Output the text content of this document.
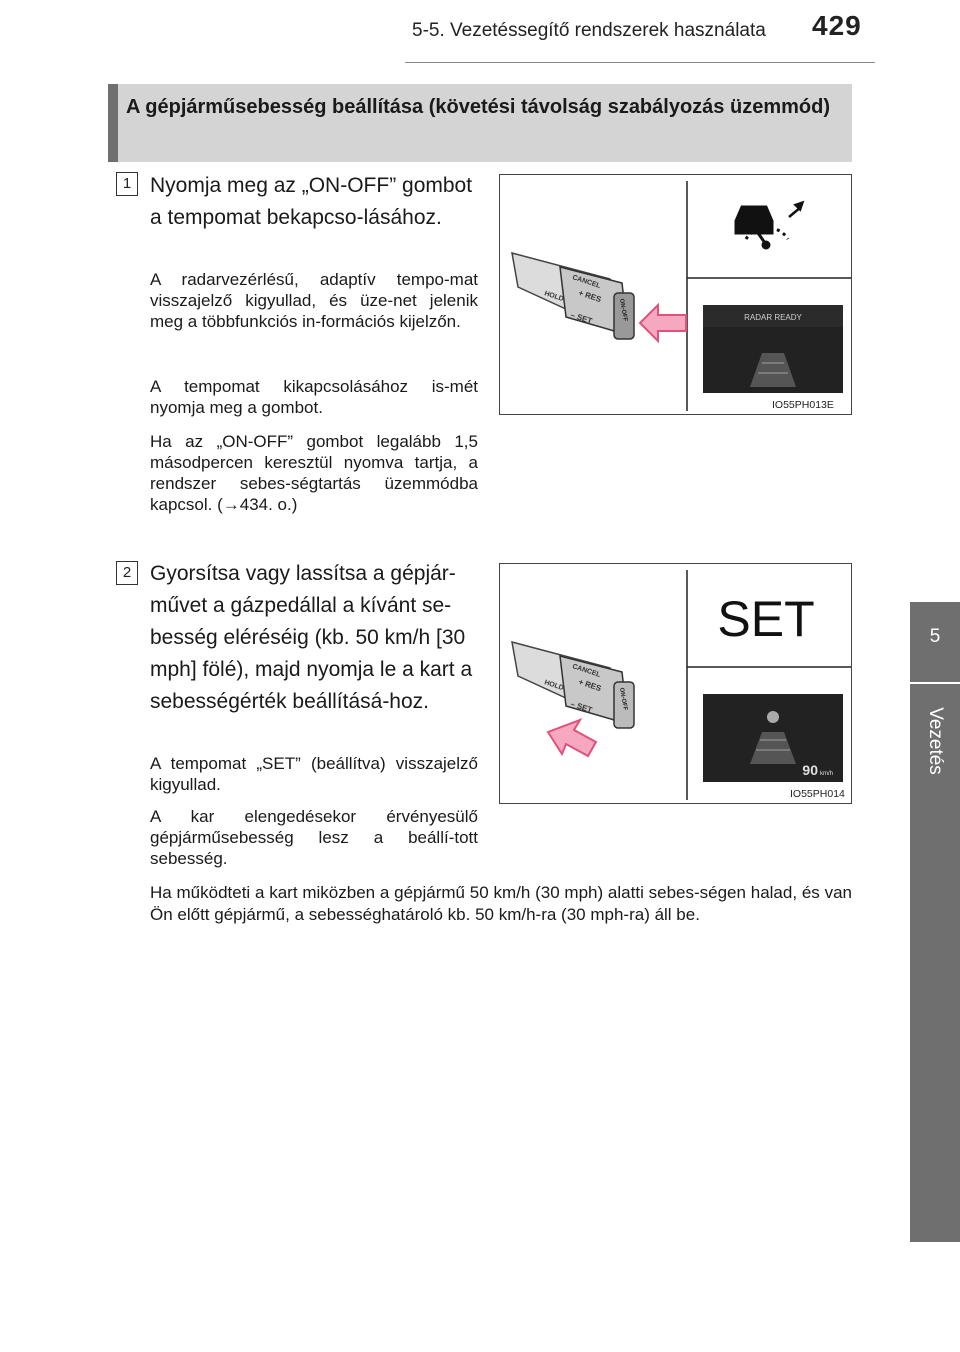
5-5. Vezetéssegítő rendszerek használata 429
5
Vezetés
A gépjárműsebesség beállítása (követési távolság szabályozás üzemmód)
1 Nyomja meg az „ON-OFF” gombot a tempomat bekapcso-lásához.
A radarvezérlésű, adaptív tempo-mat visszajelző kigyullad, és üze-net jelenik meg a többfunkciós in-formációs kijelzőn.
A tempomat kikapcsolásához is-mét nyomja meg a gombot.
Ha az „ON-OFF” gombot legalább 1,5 másodpercen keresztül nyomva tartja, a rendszer sebes-ségtartás üzemmódba kapcsol. (→434. o.)
RADAR READY
CANCEL
+ RES
HOLD
– SET	ON-OFF
IO55PH013E
2 Gyorsítsa vagy lassítsa a gépjár-művet a gázpedállal a kívánt se-besség eléréséig (kb. 50 km/h [30 mph] fölé), majd nyomja le a kart a sebességérték beállításá-hoz.
A tempomat „SET” (beállítva) visszajelző kigyullad.
A kar elengedésekor érvényesülő gépjárműsebesség lesz a beállí-tott sebesség.
SET
90 km/h
CANCEL
+ RES
HOLD
– SET	ON-OFF
IO55PH014
Ha működteti a kart miközben a gépjármű 50 km/h (30 mph) alatti sebes-ségen halad, és van Ön előtt gépjármű, a sebességhatároló kb. 50 km/h-ra (30 mph-ra) áll be.
